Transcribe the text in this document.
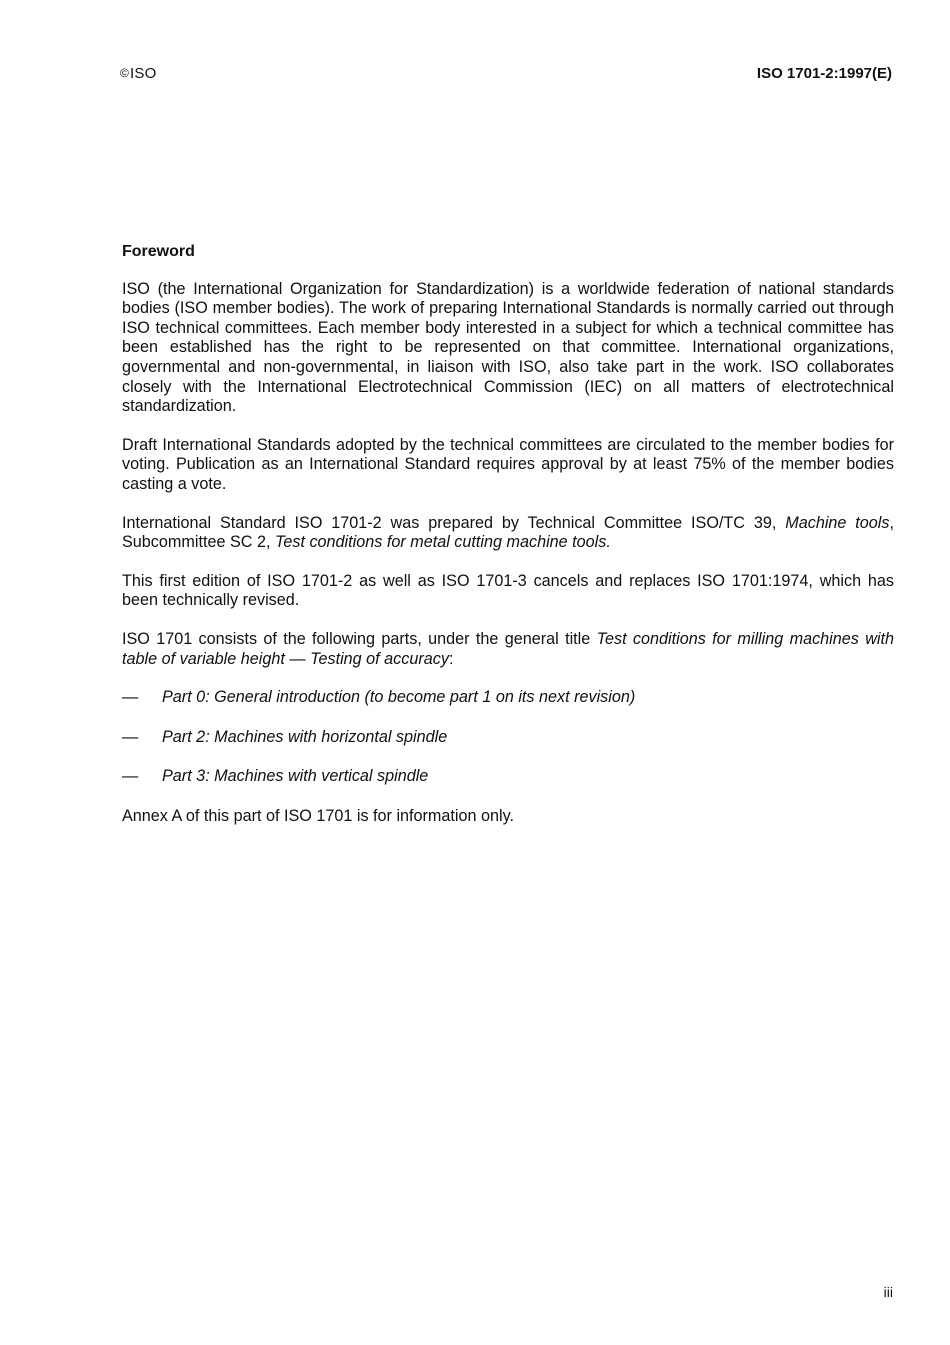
©ISO	ISO 1701-2:1997(E)
Foreword

ISO (the International Organization for Standardization) is a worldwide federation of national standards bodies (ISO member bodies). The work of preparing International Standards is normally carried out through ISO technical committees. Each member body interested in a subject for which a technical committee has been established has the right to be represented on that committee. International organizations, governmental and non-governmental, in liaison with ISO, also take part in the work. ISO collaborates closely with the International Electrotechnical Commission (IEC) on all matters of electrotechnical standardization.

Draft International Standards adopted by the technical committees are circulated to the member bodies for voting. Publication as an International Standard requires approval by at least 75% of the member bodies casting a vote.

International Standard ISO 1701-2 was prepared by Technical Committee ISO/TC 39, Machine tools, Subcommittee SC 2, Test conditions for metal cutting machine tools.

This first edition of ISO 1701-2 as well as ISO 1701-3 cancels and replaces ISO 1701:1974, which has been technically revised.

ISO 1701 consists of the following parts, under the general title Test conditions for milling machines with table of variable height — Testing of accuracy:

— Part 0: General introduction (to become part 1 on its next revision)
— Part 2: Machines with horizontal spindle
— Part 3: Machines with vertical spindle

Annex A of this part of ISO 1701 is for information only.

iii
